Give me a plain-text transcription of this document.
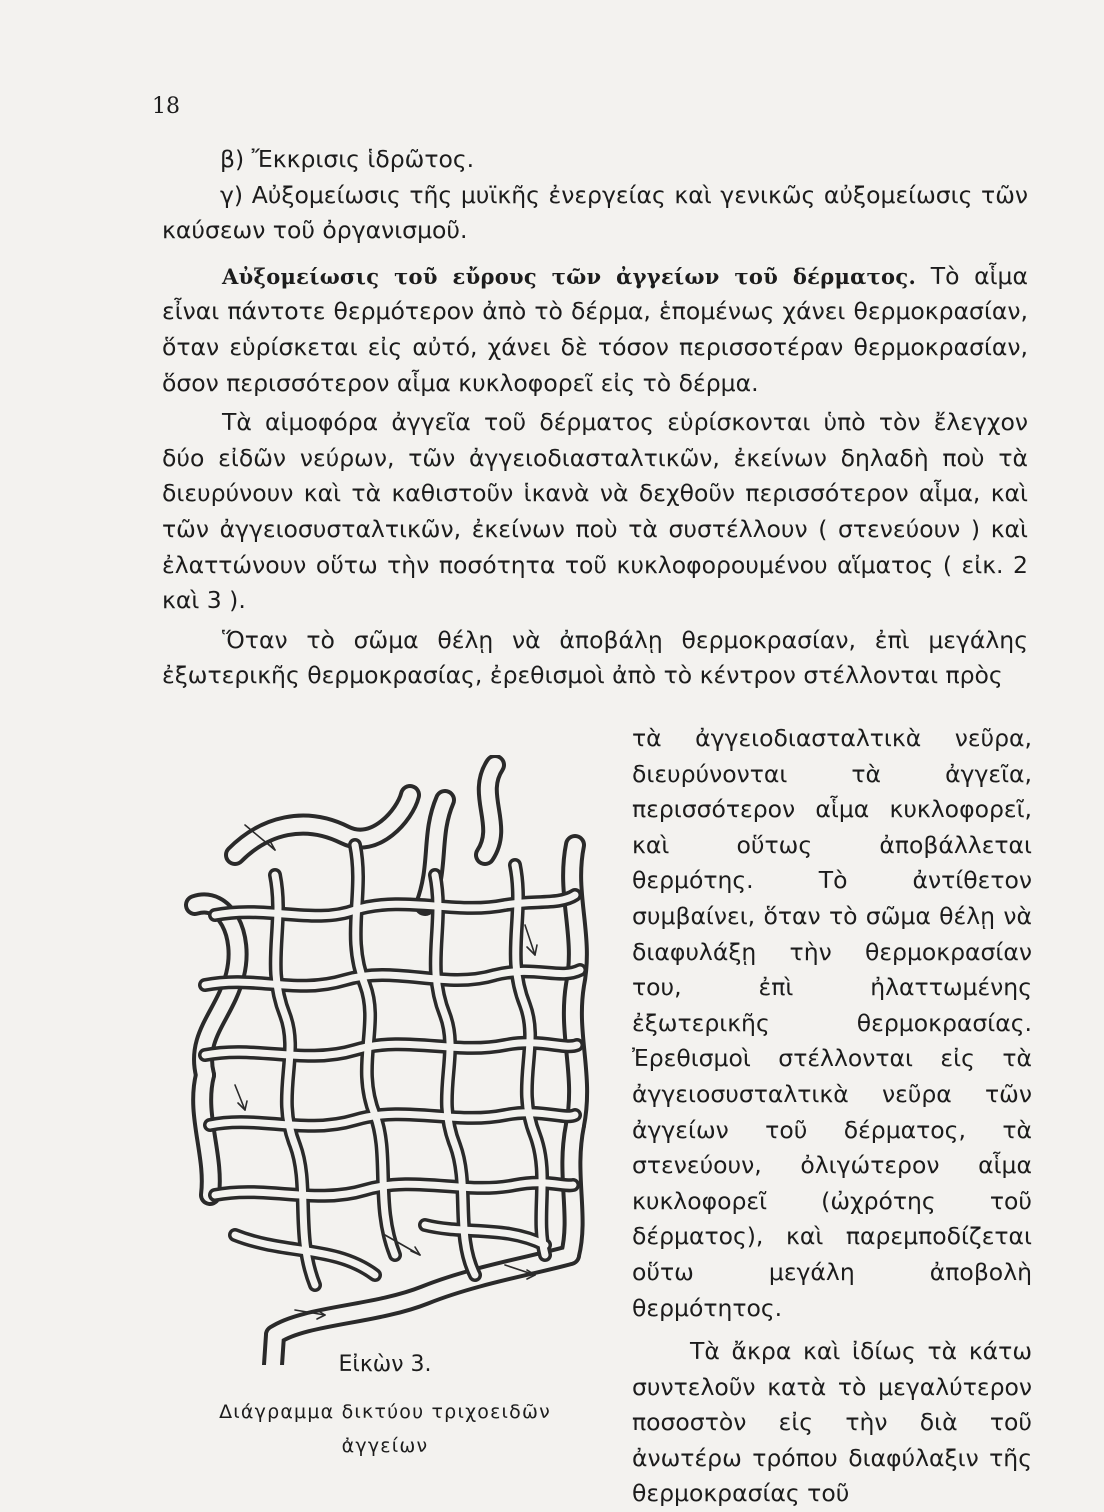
18

β) Ἔκκρισις ἱδρῶτος.

γ) Αὐξομείωσις τῆς μυϊκῆς ἐνεργείας καὶ γενικῶς αὐξομείωσις τῶν καύσεων τοῦ ὀργανισμοῦ.

Αὐξομείωσις τοῦ εὔρους τῶν ἀγγείων τοῦ δέρματος. Τὸ αἷμα εἶναι πάντοτε θερμότερον ἀπὸ τὸ δέρμα, ἑπομένως χάνει θερμοκρασίαν, ὅταν εὑρίσκεται εἰς αὐτό, χάνει δὲ τόσον περισσοτέραν θερμοκρασίαν, ὅσον περισσότερον αἷμα κυκλοφορεῖ εἰς τὸ δέρμα.

Τὰ αἱμοφόρα ἀγγεῖα τοῦ δέρματος εὑρίσκονται ὑπὸ τὸν ἔλεγχον δύο εἰδῶν νεύρων, τῶν ἀγγειοδιασταλτικῶν, ἐκείνων δηλαδὴ ποὺ τὰ διευρύνουν καὶ τὰ καθιστοῦν ἱκανὰ νὰ δεχθοῦν περισσότερον αἷμα, καὶ τῶν ἀγγειοσυσταλτικῶν, ἐκείνων ποὺ τὰ συστέλλουν ( στενεύουν ) καὶ ἐλαττώνουν οὕτω τὴν ποσότητα τοῦ κυκλοφορουμένου αἵματος ( εἰκ. 2 καὶ 3 ).

Ὅταν τὸ σῶμα θέλῃ νὰ ἀποβάλῃ θερμοκρασίαν, ἐπὶ μεγάλης ἐξωτερικῆς θερμοκρασίας, ἐρεθισμοὶ ἀπὸ τὸ κέντρον στέλλονται πρὸς

τὰ ἀγγειοδιασταλτικὰ νεῦρα, διευρύνονται τὰ ἀγγεῖα, περισσότερον αἷμα κυκλοφορεῖ, καὶ οὕτως ἀποβάλλεται θερμότης. Τὸ ἀντίθετον συμβαίνει, ὅταν τὸ σῶμα θέλῃ νὰ διαφυλάξῃ τὴν θερμοκρασίαν του, ἐπὶ ἠλαττωμένης ἐξωτερικῆς θερμοκρασίας. Ἐρεθισμοὶ στέλλονται εἰς τὰ ἀγγειοσυσταλτικὰ νεῦρα τῶν ἀγγείων τοῦ δέρματος, τὰ στενεύουν, ὀλιγώτερον αἷμα κυκλοφορεῖ (ὠχρότης τοῦ δέρματος), καὶ παρεμποδίζεται οὕτω μεγάλη ἀποβολὴ θερμότητος.

Τὰ ἄκρα καὶ ἰδίως τὰ κάτω συντελοῦν κατὰ τὸ μεγαλύτερον ποσοστὸν εἰς τὴν διὰ τοῦ ἀνωτέρω τρόπου διαφύλαξιν τῆς θερμοκρασίας τοῦ

Εἰκὼν 3.
Διάγραμμα δικτύου τριχοειδῶν
ἀγγείων
